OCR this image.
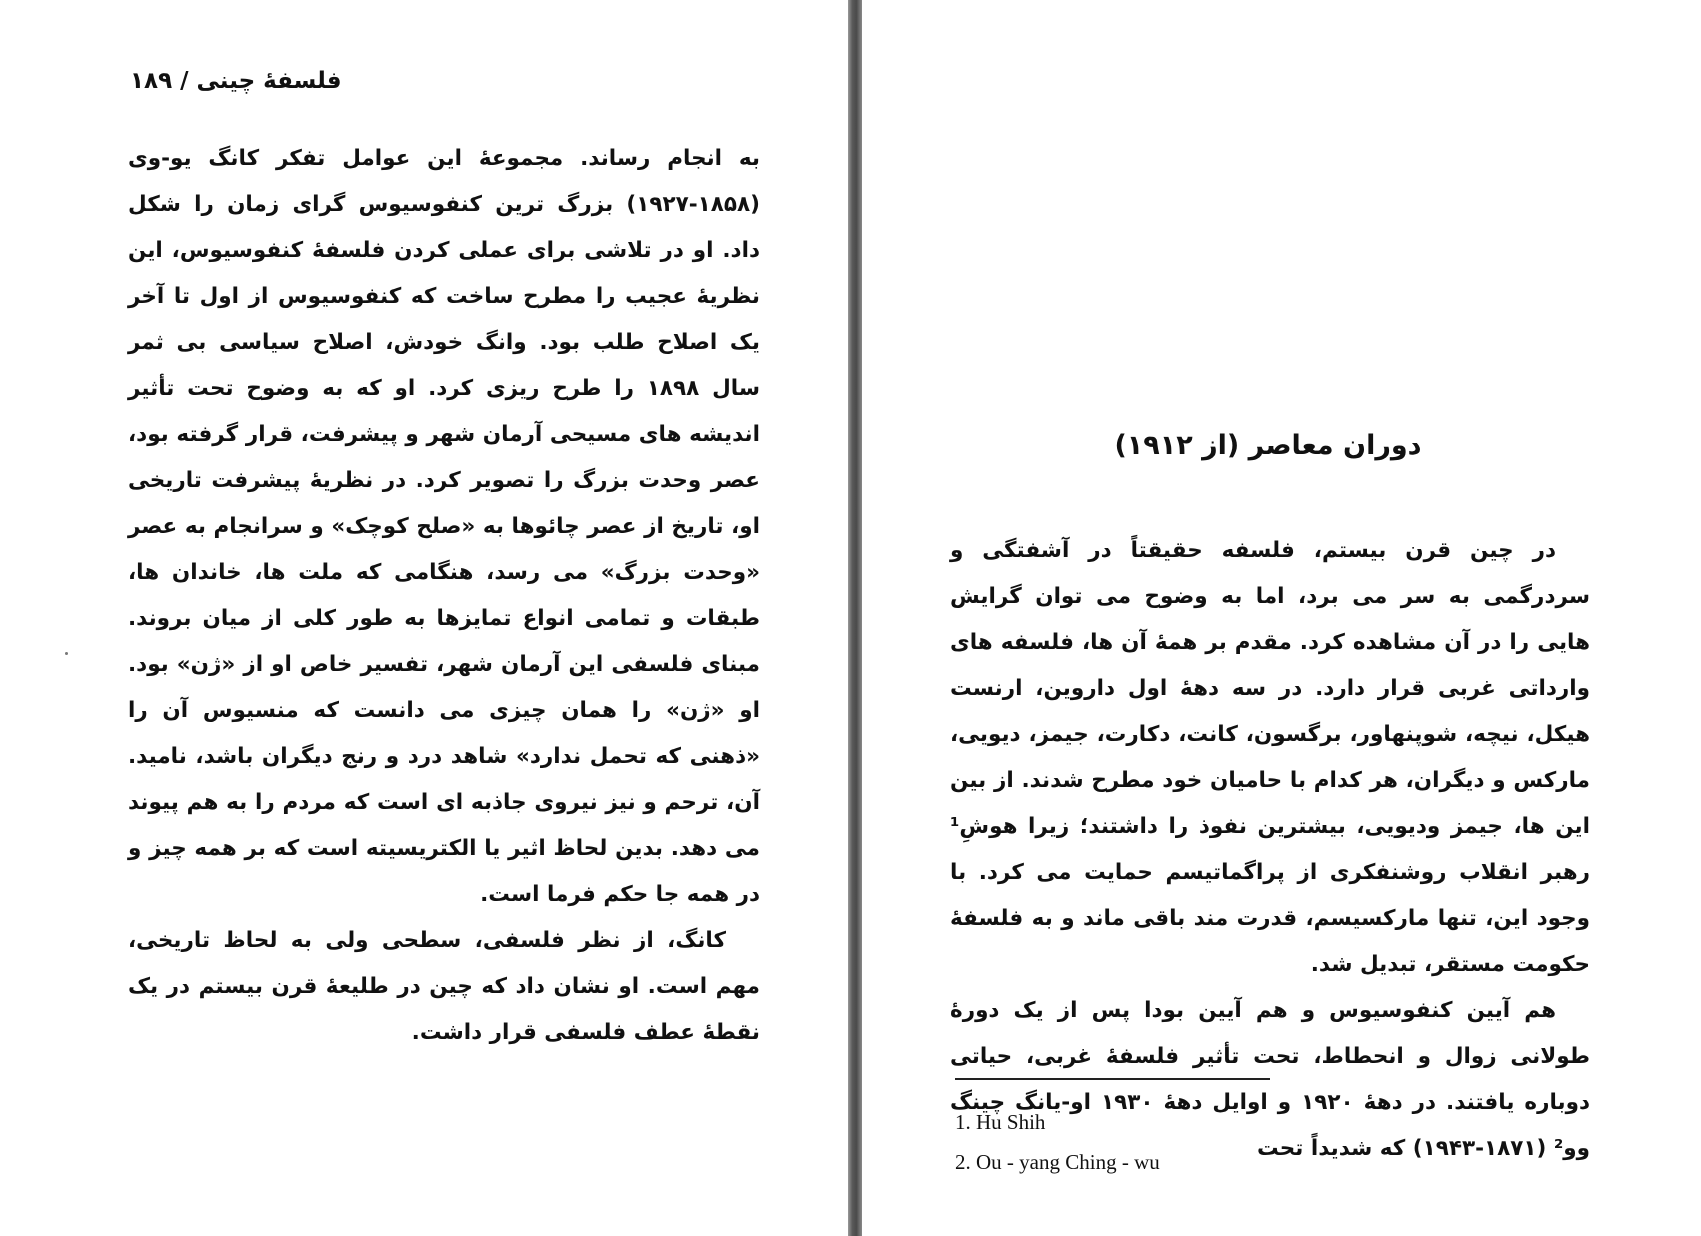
فلسفهٔ چینی / ۱۸۹

به انجام رساند. مجموعهٔ این عوامل تفکر کانگ یو-وی (۱۸۵۸-۱۹۲۷) بزرگ ترین کنفوسیوس گرای زمان را شکل داد. او در تلاشی برای عملی کردن فلسفهٔ کنفوسیوس، این نظریهٔ عجیب را مطرح ساخت که کنفوسیوس از اول تا آخر یک اصلاح طلب بود. وانگ خودش، اصلاح سیاسی بی ثمر سال ۱۸۹۸ را طرح ریزی کرد. او که به وضوح تحت تأثیر اندیشه های مسیحی آرمان شهر و پیشرفت، قرار گرفته بود، عصر وحدت بزرگ را تصویر کرد. در نظریهٔ پیشرفت تاریخی او، تاریخ از عصر چائوها به «صلح کوچک» و سرانجام به عصر «وحدت بزرگ» می رسد، هنگامی که ملت ها، خاندان ها، طبقات و تمامی انواع تمایزها به طور کلی از میان بروند. مبنای فلسفی این آرمان شهر، تفسیر خاص او از «ژن» بود. او «ژن» را همان چیزی می دانست که منسیوس آن را «ذهنی که تحمل ندارد» شاهد درد و رنج دیگران باشد، نامید. آن، ترحم و نیز نیروی جاذبه ای است که مردم را به هم پیوند می دهد. بدین لحاظ اثیر یا الکتریسیته است که بر همه چیز و در همه جا حکم فرما است.

کانگ، از نظر فلسفی، سطحی ولی به لحاظ تاریخی، مهم است. او نشان داد که چین در طلیعهٔ قرن بیستم در یک نقطهٔ عطف فلسفی قرار داشت.

دوران معاصر (از ۱۹۱۲)

در چین قرن بیستم، فلسفه حقیقتاً در آشفتگی و سردرگمی به سر می برد، اما به وضوح می توان گرایش هایی را در آن مشاهده کرد. مقدم بر همهٔ آن ها، فلسفه های وارداتی غربی قرار دارد. در سه دههٔ اول داروین، ارنست هیکل، نیچه، شوپنهاور، برگسون، کانت، دکارت، جیمز، دیویی، مارکس و دیگران، هر کدام با حامیان خود مطرح شدند. از بین این ها، جیمز ودیویی، بیشترین نفوذ را داشتند؛ زیرا هوشِ¹ رهبر انقلاب روشنفکری از پراگماتیسم حمایت می کرد. با وجود این، تنها مارکسیسم، قدرت مند باقی ماند و به فلسفهٔ حکومت مستقر، تبدیل شد.

هم آیین کنفوسیوس و هم آیین بودا پس از یک دورهٔ طولانی زوال و انحطاط، تحت تأثیر فلسفهٔ غربی، حیاتی دوباره یافتند. در دههٔ ۱۹۲۰ و اوایل دههٔ ۱۹۳۰ او-یانگ چینگ وو² (۱۸۷۱-۱۹۴۳) که شدیداً تحت

1. Hu Shih
2. Ou - yang Ching - wu
